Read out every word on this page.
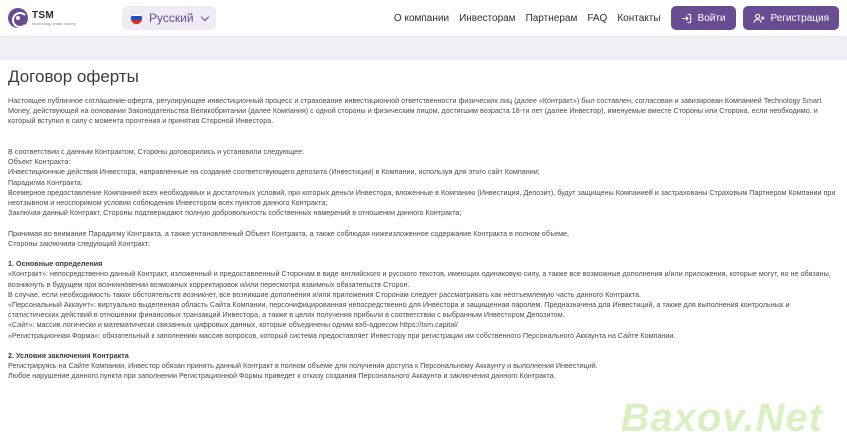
TSM
technology smart money	Русский	О компании Инвесторам Партнерам FAQ Контакты	Войти	Регистрация
Договор оферты

Настоящее публичное соглашение-оферта, регулирующее инвестиционный процесс и страхование инвестиционной ответственности физических лиц (далее «Контракт») был составлен, согласован и завизирован Компанией Technology Smart Money, действующей на основании Законодательства Великобритании (далее Компания) с одной стороны и физическим лицом, достигшим возраста 18-ти лет (далее Инвестор), именуемые вместе Стороны или Сторона, если необходимо, и который вступил в силу с момента прочтения и принятия Стороной Инвестора.

В соответствии с данным Контрактом, Стороны договорились и установили следующее:

Объект Контракта:

Инвестиционные действия Инвестора, направленные на создание соответствующего депозита (Инвестиции) в Компании, используя для этого сайт Компании;

Парадигма Контракта:

Всемерное предоставление Компанией всех необходимых и достаточных условий, при которых деньги Инвестора, вложенные в Компанию (Инвестиция, Депозит), будут защищены Компанией и застрахованы Страховым Партнером Компании при неотзывном и неоспоримом условии соблюдения Инвестором всех пунктов данного Контракта;

Заключая данный Контракт, Стороны подтверждают полную добровольность собственных намерений в отношении данного Контракта;

Принимая во внимание Парадигму Контракта, а также установленный Объект Контракта, а также соблюдая нижеизложенное содержание Контракта в полном объеме,

Стороны заключили следующий Контракт:

1. Основные определения

«Контракт»: непосредственно данный Контракт, изложенный и предоставленный Сторонам в виде английского и русского текстов, имеющих одинаковую силу, а также все возможные дополнения и/или приложения, которые могут, но не обязаны, возникнуть в будущем при возникновении возможных корректировок и/или пересмотра взаимных обязательств Сторон.

В случае, если необходимость таких обстоятельств возникнет, все возникшие дополнения и/или приложения Сторонам следует рассматривать как неотъемлемую часть данного Контракта.

«Персональный Аккаунт»: виртуально выделенная область Сайта Компании, персонифицированная непосредственно для Инвестора и защищенная паролем. Предназначена для Инвестиций, а также для выполнения контрольных и статистических действий в отношении финансовых транзакций Инвестора, а также в целях получения прибыли в соответствии с выбранным Инвестором Депозитом.

«Сайт»: массив логически и математически связанных цифровых данных, которые объединены одним вэб-адресом https://tsm.capital/

«Регистрационная Форма»: обязательный к заполнению массив вопросов, который система предоставляет Инвестору при регистрации им собственного Персонального Аккаунта на Сайте Компании.

2. Условия заключения Контракта

Регистрируясь на Сайте Компании, Инвестор обязан принять данный Контракт в полном объеме для получения доступа к Персональному Аккаунту и выполнения Инвестиций.

Любое нарушение данного пункта при заполнении Регистрационной Формы приведет к отказу создания Персонального Аккаунта и заключения данного Контракта.

Baxov.Net
